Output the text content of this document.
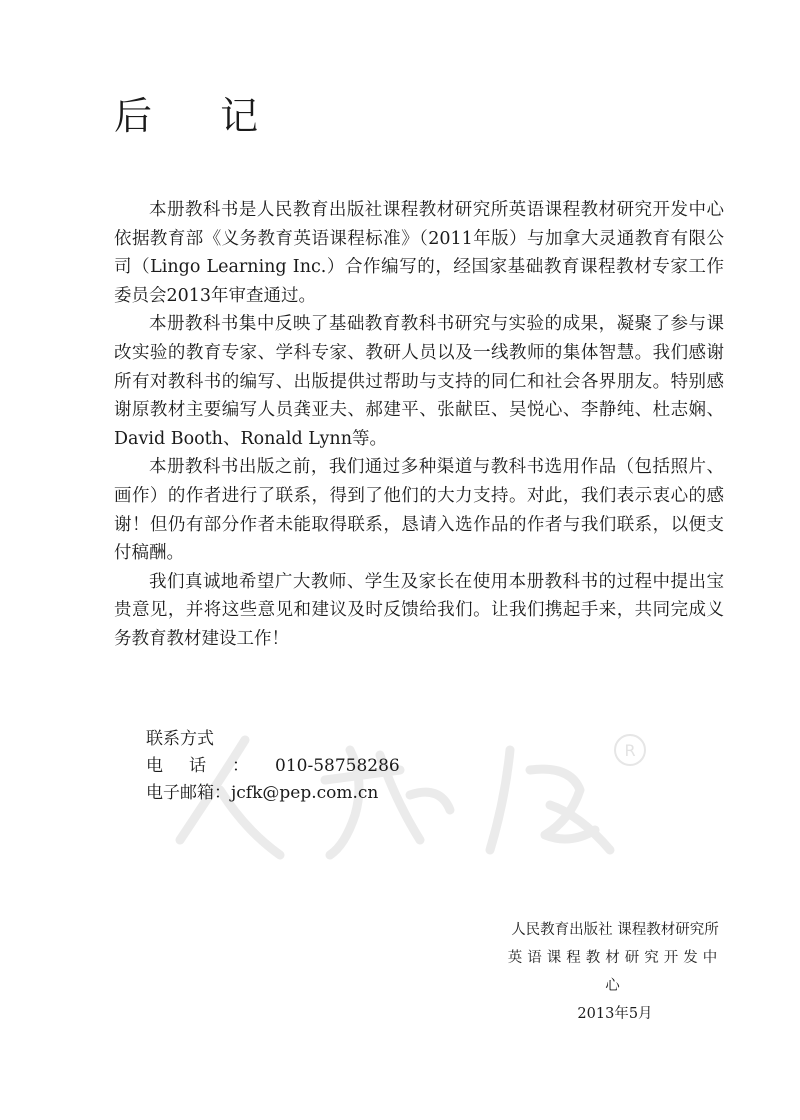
后 记

本册教科书是人民教育出版社课程教材研究所英语课程教材研究开发中心依据教育部《义务教育英语课程标准》（2011年版）与加拿大灵通教育有限公司（Lingo Learning Inc.）合作编写的，经国家基础教育课程教材专家工作委员会2013年审查通过。

本册教科书集中反映了基础教育教科书研究与实验的成果，凝聚了参与课改实验的教育专家、学科专家、教研人员以及一线教师的集体智慧。我们感谢所有对教科书的编写、出版提供过帮助与支持的同仁和社会各界朋友。特别感谢原教材主要编写人员龚亚夫、郝建平、张献臣、吴悦心、李静纯、杜志娴、David Booth、Ronald Lynn等。

本册教科书出版之前，我们通过多种渠道与教科书选用作品（包括照片、画作）的作者进行了联系，得到了他们的大力支持。对此，我们表示衷心的感谢！但仍有部分作者未能取得联系，恳请入选作品的作者与我们联系，以便支付稿酬。

我们真诚地希望广大教师、学生及家长在使用本册教科书的过程中提出宝贵意见，并将这些意见和建议及时反馈给我们。让我们携起手来，共同完成义务教育教材建设工作！

R
联系方式
电话：010-58758286
电子邮箱：jcfk@pep.com.cn
人民教育出版社 课程教材研究所
英语课程教材研究开发中心
2013年5月
